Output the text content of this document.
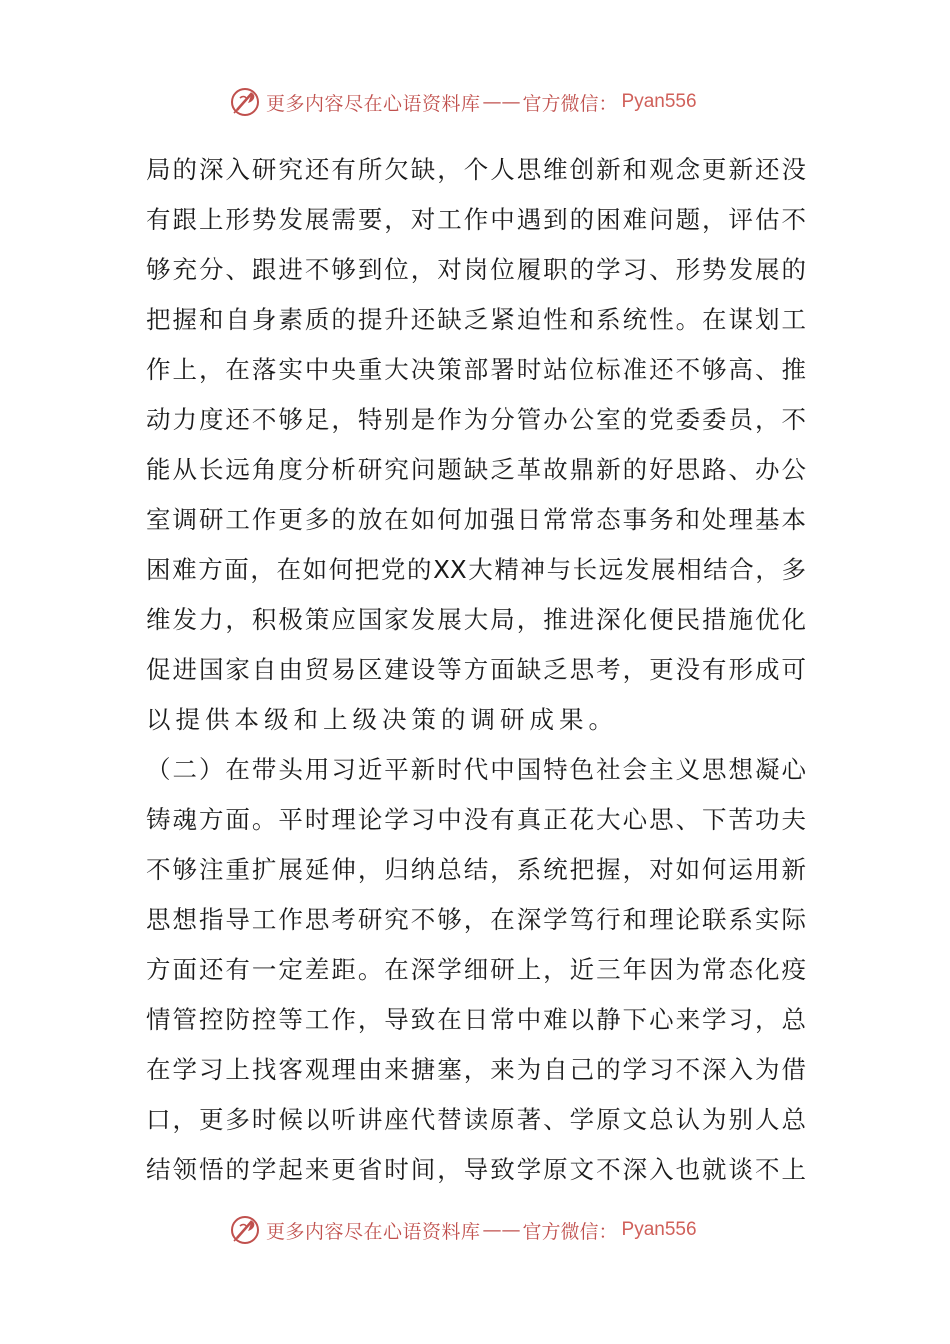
更多内容尽在心语资料库 —— 官方微信： Pyan556
局的深入研究还有所欠缺，个人思维创新和观念更新还没
有跟上形势发展需要，对工作中遇到的困难问题，评估不
够充分、跟进不够到位，对岗位履职的学习、形势发展的
把握和自身素质的提升还缺乏紧迫性和系统性。在谋划工
作上，在落实中央重大决策部署时站位标准还不够高、推
动力度还不够足，特别是作为分管办公室的党委委员，不
能从长远角度分析研究问题缺乏革故鼎新的好思路、办公
室调研工作更多的放在如何加强日常常态事务和处理基本
困难方面，在如何把党的XX大精神与长远发展相结合，多
维发力，积极策应国家发展大局，推进深化便民措施优化
促进国家自由贸易区建设等方面缺乏思考，更没有形成可
以提供本级和上级决策的调研成果。
（二）在带头用习近平新时代中国特色社会主义思想凝心
铸魂方面。平时理论学习中没有真正花大心思、下苦功夫
不够注重扩展延伸，归纳总结，系统把握，对如何运用新
思想指导工作思考研究不够，在深学笃行和理论联系实际
方面还有一定差距。在深学细研上，近三年因为常态化疫
情管控防控等工作，导致在日常中难以静下心来学习，总
在学习上找客观理由来搪塞，来为自己的学习不深入为借
口，更多时候以听讲座代替读原著、学原文总认为别人总
结领悟的学起来更省时间，导致学原文不深入也就谈不上
更多内容尽在心语资料库 —— 官方微信： Pyan556
